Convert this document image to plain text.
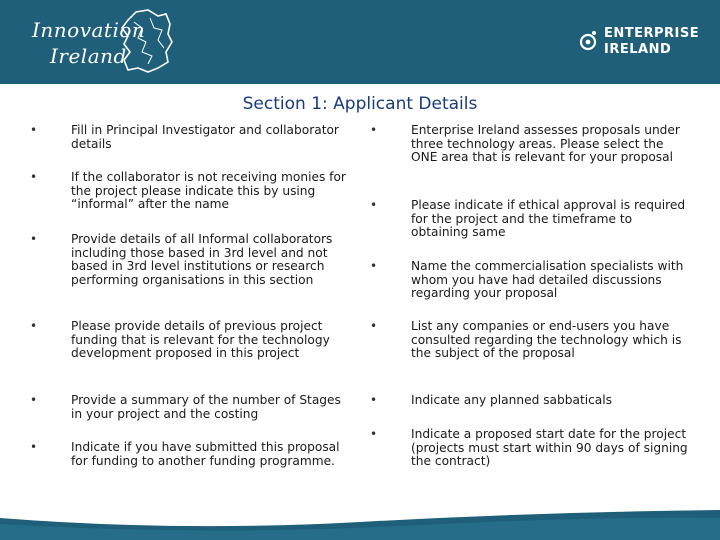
Innovation
Ireland
ENTERPRISE
IRELAND
Section 1: Applicant Details
•	Fill in Principal Investigator and collaborator details
•	If the collaborator is not receiving monies for the project please indicate this by using “informal” after the name
•	Provide details of all Informal collaborators including those based in 3rd level and not based in 3rd level institutions or research performing organisations in this section
•	Please provide details of previous project funding that is relevant for the technology development proposed in this project
•	Provide a summary of the number of Stages in your project and the costing
•	Indicate if you have submitted this proposal for funding to another funding programme.
•	Enterprise Ireland assesses proposals under three technology areas. Please select the ONE area that is relevant for your proposal
•	Please indicate if ethical approval is required for the project and the timeframe to obtaining same
•	Name the commercialisation specialists with whom you have had detailed discussions regarding your proposal
•	List any companies or end-users you have consulted regarding the technology which is the subject of the proposal
•	Indicate any planned sabbaticals
•	Indicate a proposed start date for the project (projects must start within 90 days of signing the contract)
